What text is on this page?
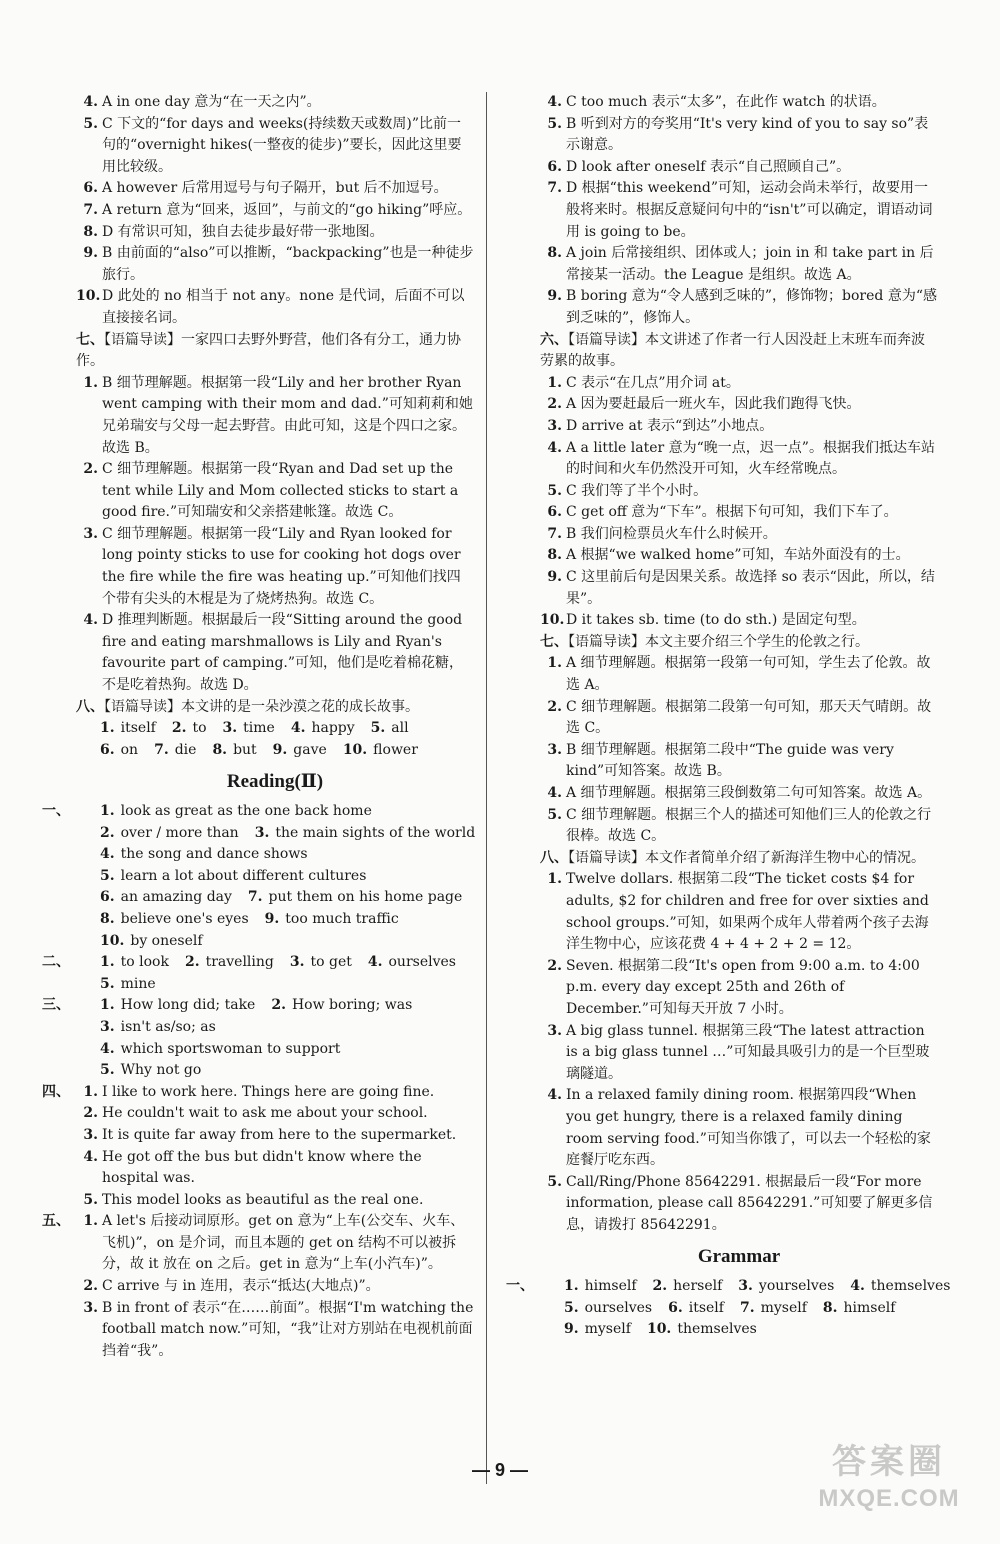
4. A in one day 意为“在一天之内”。
5. C 下文的“for days and weeks(持续数天或数周)”比前一句的“overnight hikes(一整夜的徒步)”要长，因此这里要用比较级。
6. A however 后常用逗号与句子隔开，but 后不加逗号。
7. A return 意为“回来，返回”，与前文的“go hiking”呼应。
8. D 有常识可知，独自去徒步最好带一张地图。
9. B 由前面的“also”可以推断，“backpacking”也是一种徒步旅行。
10. D 此处的 no 相当于 not any。none 是代词，后面不可以直接接名词。
七、【语篇导读】一家四口去野外野营，他们各有分工，通力协作。
1. B 细节理解题。根据第一段“Lily and her brother Ryan went camping with their mom and dad.”可知莉莉和她兄弟瑞安与父母一起去野营。由此可知，这是个四口之家。故选 B。
2. C 细节理解题。根据第一段“Ryan and Dad set up the tent while Lily and Mom collected sticks to start a good fire.”可知瑞安和父亲搭建帐篷。故选 C。
3. C 细节理解题。根据第一段“Lily and Ryan looked for long pointy sticks to use for cooking hot dogs over the fire while the fire was heating up.”可知他们找四个带有尖头的木棍是为了烧烤热狗。故选 C。
4. D 推理判断题。根据最后一段“Sitting around the good fire and eating marshmallows is Lily and Ryan's favourite part of camping.”可知，他们是吃着棉花糖，不是吃着热狗。故选 D。
八、【语篇导读】本文讲的是一朵沙漠之花的成长故事。
1. itself 2. to 3. time 4. happy 5. all
6. on 7. die 8. but 9. gave 10. flower
Reading(Ⅱ)
一、 1. look as great as the one back home
2. over / more than 3. the main sights of the world
4. the song and dance shows
5. learn a lot about different cultures
6. an amazing day 7. put them on his home page
8. believe one's eyes 9. too much traffic
10. by oneself
二、 1. to look 2. travelling 3. to get 4. ourselves
5. mine
三、 1. How long did; take 2. How boring; was
3. isn't as/so; as
4. which sportswoman to support
5. Why not go
四、 1. I like to work here. Things here are going fine.
2. He couldn't wait to ask me about your school.
3. It is quite far away from here to the supermarket.
4. He got off the bus but didn't know where the hospital was.
5. This model looks as beautiful as the real one.
五、 1. A let's 后接动词原形。get on 意为“上车(公交车、火车、飞机)”，on 是介词，而且本题的 get on 结构不可以被拆分，故 it 放在 on 之后。get in 意为“上车(小汽车)”。
2. C arrive 与 in 连用，表示“抵达(大地点)”。
3. B in front of 表示“在……前面”。根据“I'm watching the football match now.”可知，“我”让对方别站在电视机前面挡着“我”。
4. C too much 表示“太多”，在此作 watch 的状语。
5. B 听到对方的夸奖用“It's very kind of you to say so”表示谢意。
6. D look after oneself 表示“自己照顾自己”。
7. D 根据“this weekend”可知，运动会尚未举行，故要用一般将来时。根据反意疑问句中的“isn't”可以确定，谓语动词用 is going to be。
8. A join 后常接组织、团体或人；join in 和 take part in 后常接某一活动。the League 是组织。故选 A。
9. B boring 意为“令人感到乏味的”，修饰物；bored 意为“感到乏味的”，修饰人。
六、【语篇导读】本文讲述了作者一行人因没赶上末班车而奔波劳累的故事。
1. C 表示“在几点”用介词 at。
2. A 因为要赶最后一班火车，因此我们跑得飞快。
3. D arrive at 表示“到达”小地点。
4. A a little later 意为“晚一点，迟一点”。根据我们抵达车站的时间和火车仍然没开可知，火车经常晚点。
5. C 我们等了半个小时。
6. C get off 意为“下车”。根据下句可知，我们下车了。
7. B 我们问检票员火车什么时候开。
8. A 根据“we walked home”可知，车站外面没有的士。
9. C 这里前后句是因果关系。故选择 so 表示“因此，所以，结果”。
10. D it takes sb. time (to do sth.) 是固定句型。
七、【语篇导读】本文主要介绍三个学生的伦敦之行。
1. A 细节理解题。根据第一段第一句可知，学生去了伦敦。故选 A。
2. C 细节理解题。根据第二段第一句可知，那天天气晴朗。故选 C。
3. B 细节理解题。根据第二段中“The guide was very kind”可知答案。故选 B。
4. A 细节理解题。根据第三段倒数第二句可知答案。故选 A。
5. C 细节理解题。根据三个人的描述可知他们三人的伦敦之行很棒。故选 C。
八、【语篇导读】本文作者简单介绍了新海洋生物中心的情况。
1. Twelve dollars. 根据第二段“The ticket costs $4 for adults, $2 for children and free for over sixties and school groups.”可知，如果两个成年人带着两个孩子去海洋生物中心，应该花费 4 + 4 + 2 + 2 = 12。
2. Seven. 根据第二段“It's open from 9:00 a.m. to 4:00 p.m. every day except 25th and 26th of December.”可知每天开放 7 小时。
3. A big glass tunnel. 根据第三段“The latest attraction is a big glass tunnel …”可知最具吸引力的是一个巨型玻璃隧道。
4. In a relaxed family dining room. 根据第四段“When you get hungry, there is a relaxed family dining room serving food.”可知当你饿了，可以去一个轻松的家庭餐厅吃东西。
5. Call/Ring/Phone 85642291. 根据最后一段“For more information, please call 85642291.”可知要了解更多信息，请拨打 85642291。
Grammar
一、 1. himself 2. herself 3. yourselves 4. themselves
5. ourselves 6. itself 7. myself 8. himself
9. myself 10. themselves
— 9 —	答案圈
MXQE.COM
